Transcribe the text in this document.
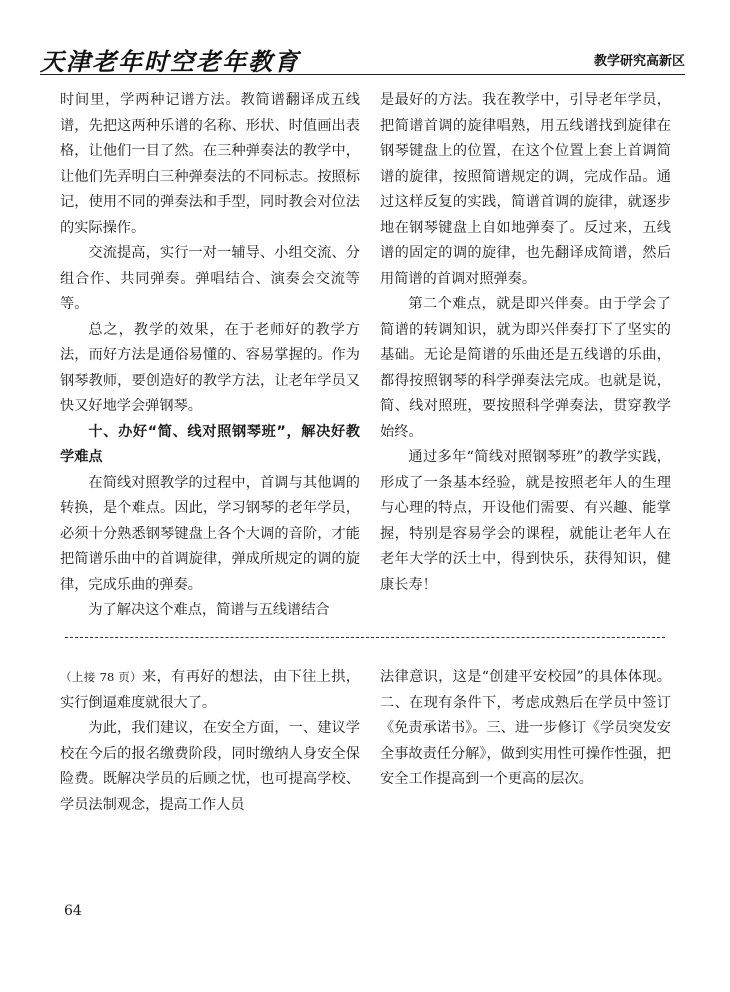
天津老年时空老年教育	教学研究高新区

时间里，学两种记谱方法。教简谱翻译成五线谱，先把这两种乐谱的名称、形状、时值画出表格，让他们一目了然。在三种弹奏法的教学中，让他们先弄明白三种弹奏法的不同标志。按照标记，使用不同的弹奏法和手型，同时教会对位法的实际操作。

交流提高，实行一对一辅导、小组交流、分组合作、共同弹奏。弹唱结合、演奏会交流等等。

总之，教学的效果，在于老师好的教学方法，而好方法是通俗易懂的、容易掌握的。作为钢琴教师，要创造好的教学方法，让老年学员又快又好地学会弹钢琴。

十、办好“简、线对照钢琴班”，解决好教学难点

在简线对照教学的过程中，首调与其他调的转换，是个难点。因此，学习钢琴的老年学员，必须十分熟悉钢琴键盘上各个大调的音阶，才能把简谱乐曲中的首调旋律，弹成所规定的调的旋律，完成乐曲的弹奏。

为了解决这个难点，简谱与五线谱结合

是最好的方法。我在教学中，引导老年学员，把简谱首调的旋律唱熟，用五线谱找到旋律在钢琴键盘上的位置，在这个位置上套上首调简谱的旋律，按照简谱规定的调，完成作品。通过这样反复的实践，简谱首调的旋律，就逐步地在钢琴键盘上自如地弹奏了。反过来，五线谱的固定的调的旋律，也先翻译成简谱，然后用简谱的首调对照弹奏。

第二个难点，就是即兴伴奏。由于学会了简谱的转调知识，就为即兴伴奏打下了坚实的基础。无论是简谱的乐曲还是五线谱的乐曲，都得按照钢琴的科学弹奏法完成。也就是说，简、线对照班，要按照科学弹奏法，贯穿教学始终。

通过多年“简线对照钢琴班”的教学实践，形成了一条基本经验，就是按照老年人的生理与心理的特点，开设他们需要、有兴趣、能掌握，特别是容易学会的课程，就能让老年人在老年大学的沃土中，得到快乐，获得知识，健康长寿！

（上接 78 页）来，有再好的想法，由下往上拱，实行倒逼难度就很大了。

为此，我们建议，在安全方面，一、建议学校在今后的报名缴费阶段，同时缴纳人身安全保险费。既解决学员的后顾之忧，也可提高学校、学员法制观念，提高工作人员

法律意识，这是“创建平安校园”的具体体现。二、在现有条件下，考虑成熟后在学员中签订《免责承诺书》。三、进一步修订《学员突发安全事故责任分解》，做到实用性可操作性强，把安全工作提高到一个更高的层次。

64
